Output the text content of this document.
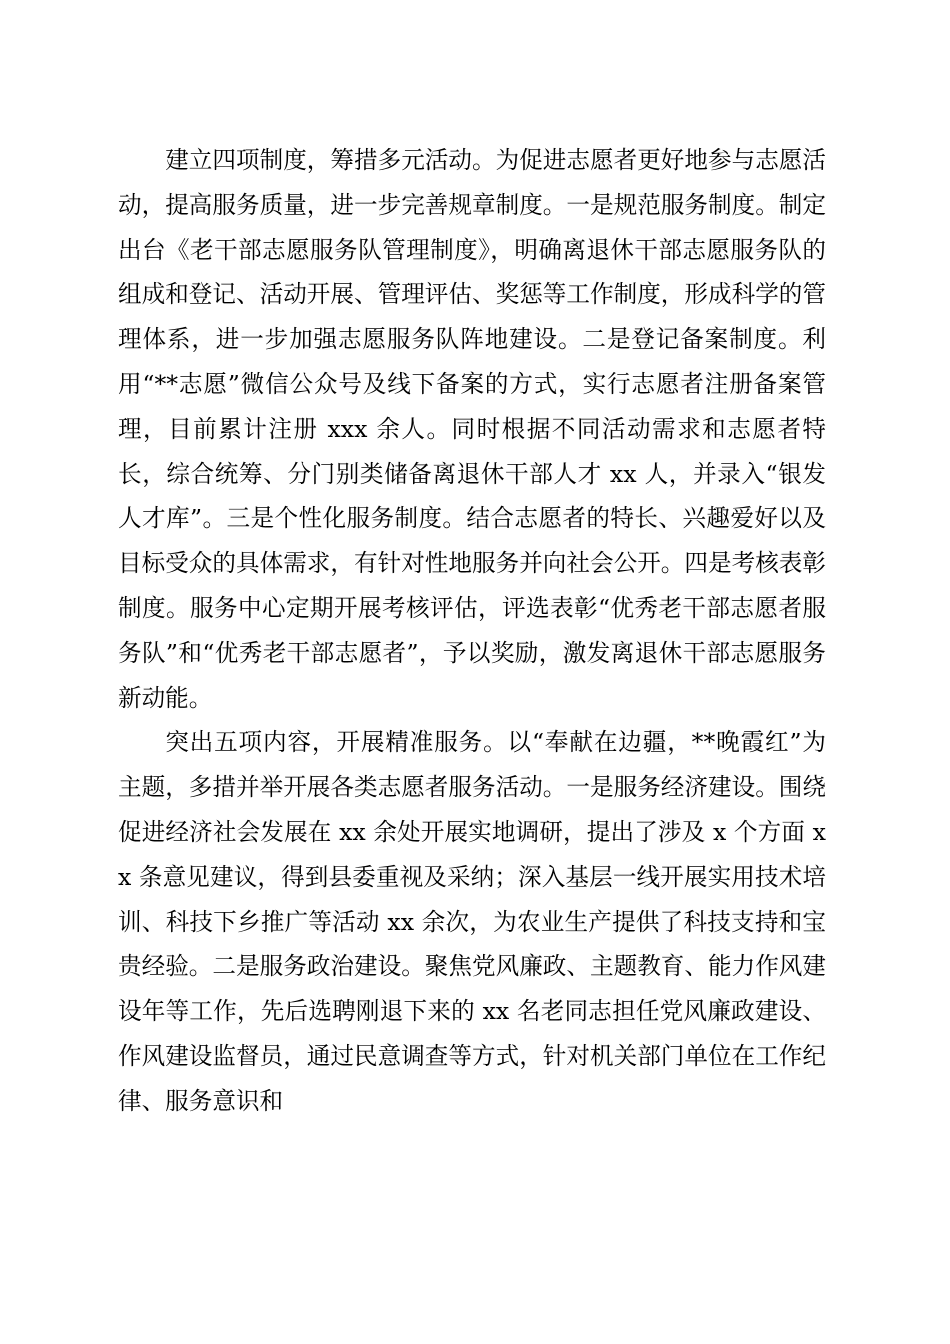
建立四项制度，筹措多元活动。为促进志愿者更好地参与志愿活动，提高服务质量，进一步完善规章制度。一是规范服务制度。制定出台《老干部志愿服务队管理制度》，明确离退休干部志愿服务队的组成和登记、活动开展、管理评估、奖惩等工作制度，形成科学的管理体系，进一步加强志愿服务队阵地建设。二是登记备案制度。利用“**志愿”微信公众号及线下备案的方式，实行志愿者注册备案管理，目前累计注册 xxx 余人。同时根据不同活动需求和志愿者特长，综合统筹、分门别类储备离退休干部人才 xx 人，并录入“银发人才库”。三是个性化服务制度。结合志愿者的特长、兴趣爱好以及目标受众的具体需求，有针对性地服务并向社会公开。四是考核表彰制度。服务中心定期开展考核评估，评选表彰“优秀老干部志愿者服务队”和“优秀老干部志愿者”，予以奖励，激发离退休干部志愿服务新动能。

突出五项内容，开展精准服务。以“奉献在边疆，**晚霞红”为主题，多措并举开展各类志愿者服务活动。一是服务经济建设。围绕促进经济社会发展在 xx 余处开展实地调研，提出了涉及 x 个方面 xx 条意见建议，得到县委重视及采纳；深入基层一线开展实用技术培训、科技下乡推广等活动 xx 余次，为农业生产提供了科技支持和宝贵经验。二是服务政治建设。聚焦党风廉政、主题教育、能力作风建设年等工作，先后选聘刚退下来的 xx 名老同志担任党风廉政建设、作风建设监督员，通过民意调查等方式，针对机关部门单位在工作纪律、服务意识和
